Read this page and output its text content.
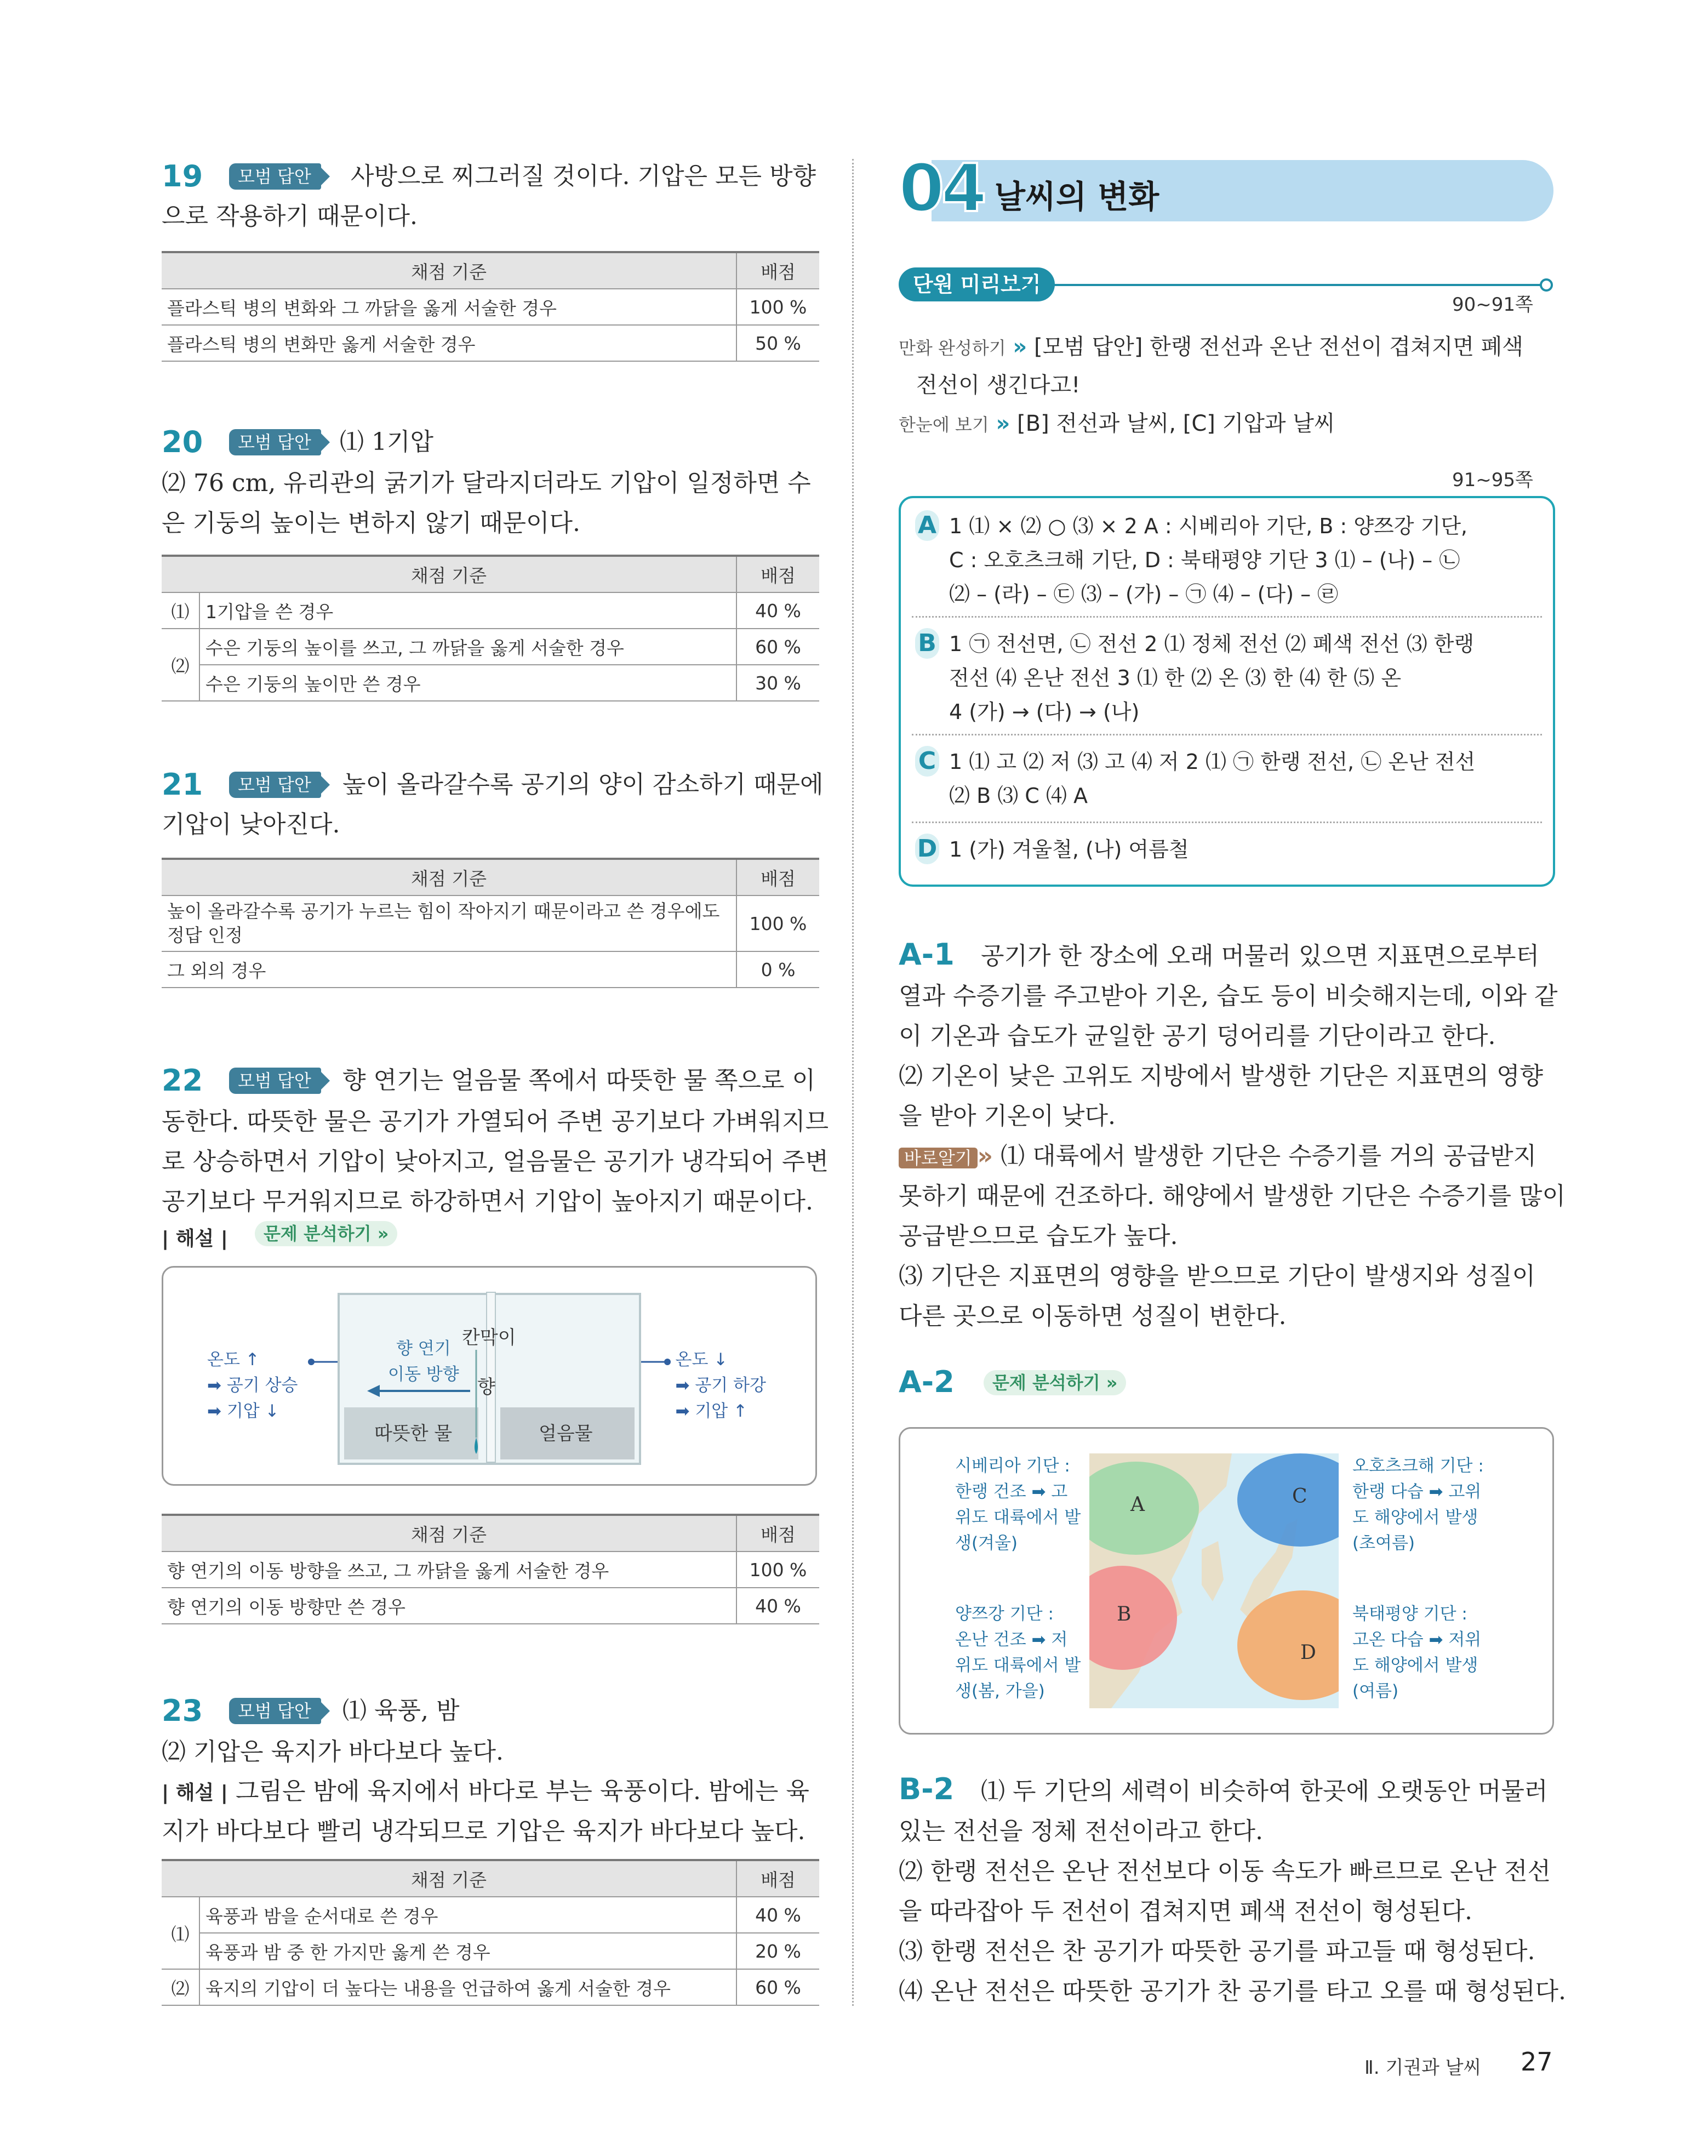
19	모범 답안	사방으로 찌그러질 것이다. 기압은 모든 방향
으로 작용하기 때문이다.
채점 기준	배점
플라스틱 병의 변화와 그 까닭을 옳게 서술한 경우	100 %
플라스틱 병의 변화만 옳게 서술한 경우	50 %
20	모범 답안	⑴ 1기압
⑵ 76 cm, 유리관의 굵기가 달라지더라도 기압이 일정하면 수
은 기둥의 높이는 변하지 않기 때문이다.
채점 기준		배점
⑴	1기압을 쓴 경우	40 %
⑵	수은 기둥의 높이를 쓰고, 그 까닭을 옳게 서술한 경우	60 %
	수은 기둥의 높이만 쓴 경우	30 %
21	모범 답안	높이 올라갈수록 공기의 양이 감소하기 때문에
기압이 낮아진다.
채점 기준	배점
높이 올라갈수록 공기가 누르는 힘이 작아지기 때문이라고 쓴 경우에도
정답 인정	100 %
그 외의 경우	0 %
22	모범 답안	향 연기는 얼음물 쪽에서 따뜻한 물 쪽으로 이
동한다. 따뜻한 물은 공기가 가열되어 주변 공기보다 가벼워지므
로 상승하면서 기압이 낮아지고, 얼음물은 공기가 냉각되어 주변
공기보다 무거워지므로 하강하면서 기압이 높아지기 때문이다.
| 해설 |	문제 분석하기 »
온도 ↑
➡ 공기 상승
➡ 기압 ↓
온도 ↓
➡ 공기 하강
➡ 기압 ↑
향 연기
이동 방향
칸막이
향
따뜻한 물	얼음물
채점 기준	배점
향 연기의 이동 방향을 쓰고, 그 까닭을 옳게 서술한 경우	100 %
향 연기의 이동 방향만 쓴 경우	40 %
23	모범 답안	⑴ 육풍, 밤
⑵ 기압은 육지가 바다보다 높다.
| 해설 | 그림은 밤에 육지에서 바다로 부는 육풍이다. 밤에는 육
지가 바다보다 빨리 냉각되므로 기압은 육지가 바다보다 높다.
채점 기준		배점
⑴	육풍과 밤을 순서대로 쓴 경우	40 %
	육풍과 밤 중 한 가지만 옳게 쓴 경우	20 %
⑵	육지의 기압이 더 높다는 내용을 언급하여 옳게 서술한 경우	60 %
04 날씨의 변화
단원 미리보기
90~91쪽
만화 완성하기 » [모범 답안] 한랭 전선과 온난 전선이 겹쳐지면 폐색
전선이 생긴다고!
한눈에 보기 » [B] 전선과 날씨, [C] 기압과 날씨
91~95쪽
A 1 ⑴ × ⑵ ○ ⑶ × 2 A : 시베리아 기단, B : 양쯔강 기단,
C : 오호츠크해 기단, D : 북태평양 기단 3 ⑴ – (나) – ㉡
⑵ – (라) – ㉢ ⑶ – (가) – ㉠ ⑷ – (다) – ㉣
B 1 ㉠ 전선면, ㉡ 전선 2 ⑴ 정체 전선 ⑵ 폐색 전선 ⑶ 한랭
전선 ⑷ 온난 전선 3 ⑴ 한 ⑵ 온 ⑶ 한 ⑷ 한 ⑸ 온
4 (가) → (다) → (나)
C 1 ⑴ 고 ⑵ 저 ⑶ 고 ⑷ 저 2 ⑴ ㉠ 한랭 전선, ㉡ 온난 전선
⑵ B ⑶ C ⑷ A
D 1 (가) 겨울철, (나) 여름철
A-1 공기가 한 장소에 오래 머물러 있으면 지표면으로부터
열과 수증기를 주고받아 기온, 습도 등이 비슷해지는데, 이와 같
이 기온과 습도가 균일한 공기 덩어리를 기단이라고 한다.
⑵ 기온이 낮은 고위도 지방에서 발생한 기단은 지표면의 영향
을 받아 기온이 낮다.
바로알기 » ⑴ 대륙에서 발생한 기단은 수증기를 거의 공급받지
못하기 때문에 건조하다. 해양에서 발생한 기단은 수증기를 많이
공급받으므로 습도가 높다.
⑶ 기단은 지표면의 영향을 받으므로 기단이 발생지와 성질이
다른 곳으로 이동하면 성질이 변한다.
A-2	문제 분석하기 »
시베리아 기단 :
한랭 건조 ➡ 고
위도 대륙에서 발
생(겨울)
양쯔강 기단 :
온난 건조 ➡ 저
위도 대륙에서 발
생(봄, 가을)
오호츠크해 기단 :
한랭 다습 ➡ 고위
도 해양에서 발생
(초여름)
북태평양 기단 :
고온 다습 ➡ 저위
도 해양에서 발생
(여름)
A
B
C
D
B-2 ⑴ 두 기단의 세력이 비슷하여 한곳에 오랫동안 머물러
있는 전선을 정체 전선이라고 한다.
⑵ 한랭 전선은 온난 전선보다 이동 속도가 빠르므로 온난 전선
을 따라잡아 두 전선이 겹쳐지면 폐색 전선이 형성된다.
⑶ 한랭 전선은 찬 공기가 따뜻한 공기를 파고들 때 형성된다.
⑷ 온난 전선은 따뜻한 공기가 찬 공기를 타고 오를 때 형성된다.
Ⅱ. 기권과 날씨 27
